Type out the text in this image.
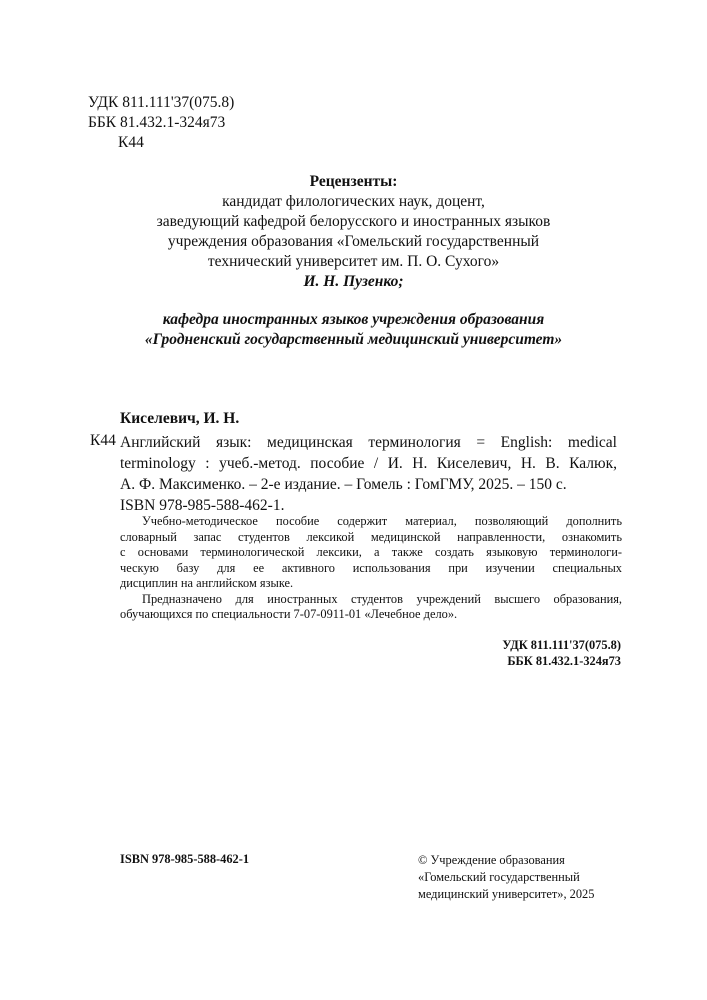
УДК 811.111'37(075.8)
ББК 81.432.1-324я73
К44
Рецензенты:
кандидат филологических наук, доцент,
заведующий кафедрой белорусского и иностранных языков
учреждения образования «Гомельский государственный
технический университет им. П. О. Сухого»
И. Н. Пузенко;
кафедра иностранных языков учреждения образования
«Гродненский государственный медицинский университет»
Киселевич, И. Н.
К44 Английский язык: медицинская терминология = English: medical
terminology : учеб.-метод. пособие / И. Н. Киселевич, Н. В. Калюк,
А. Ф. Максименко. – 2-е издание. – Гомель : ГомГМУ, 2025. – 150 с.
ISBN 978-985-588-462-1.
Учебно-методическое пособие содержит материал, позволяющий дополнить
словарный запас студентов лексикой медицинской направленности, ознакомить
с основами терминологической лексики, а также создать языковую терминологи-
ческую базу для ее активного использования при изучении специальных
дисциплин на английском языке.
Предназначено для иностранных студентов учреждений высшего образования,
обучающихся по специальности 7-07-0911-01 «Лечебное дело».
УДК 811.111'37(075.8)
ББК 81.432.1-324я73
ISBN 978-985-588-462-1	© Учреждение образования
«Гомельский государственный
медицинский университет», 2025
